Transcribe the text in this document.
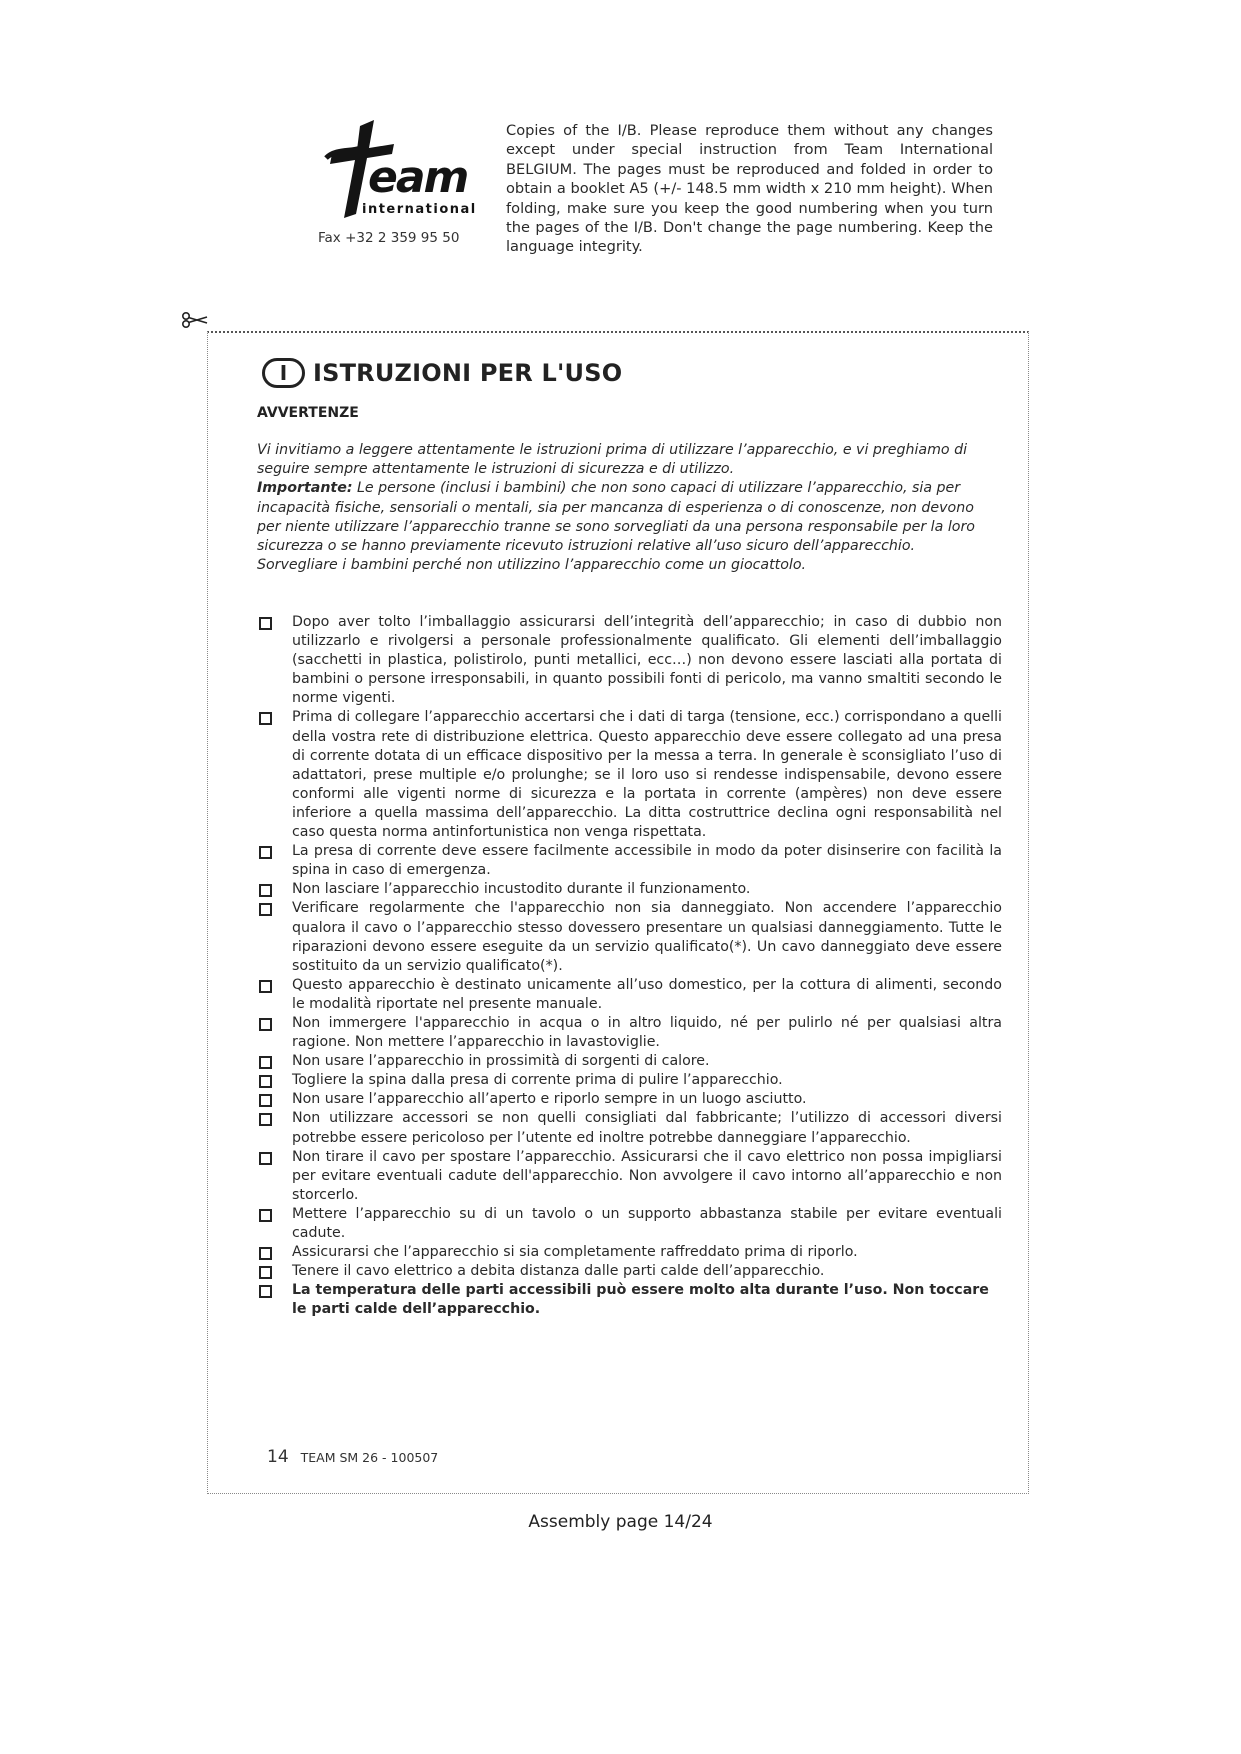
eam
international
Fax +32 2 359 95 50
Copies of the I/B. Please reproduce them without any changes except under special instruction from Team International BELGIUM. The pages must be reproduced and folded in order to obtain a booklet A5 (+/- 148.5 mm width x 210 mm height). When folding, make sure you keep the good numbering when you turn the pages of the I/B. Don't change the page numbering. Keep the language integrity.
I	ISTRUZIONI PER L'USO
AVVERTENZE

Vi invitiamo a leggere attentamente le istruzioni prima di utilizzare l’apparecchio, e vi preghiamo di seguire sempre attentamente le istruzioni di sicurezza e di utilizzo.

Importante: Le persone (inclusi i bambini) che non sono capaci di utilizzare l’apparecchio, sia per incapacità fisiche, sensoriali o mentali, sia per mancanza di esperienza o di conoscenze, non devono per niente utilizzare l’apparecchio tranne se sono sorvegliati da una persona responsabile per la loro sicurezza o se hanno previamente ricevuto istruzioni relative all’uso sicuro dell’apparecchio.

Sorvegliare i bambini perché non utilizzino l’apparecchio come un giocattolo.

Dopo aver tolto l’imballaggio assicurarsi dell’integrità dell’apparecchio; in caso di dubbio non utilizzarlo e rivolgersi a personale professionalmente qualificato. Gli elementi dell’imballaggio (sacchetti in plastica, polistirolo, punti metallici, ecc…) non devono essere lasciati alla portata di bambini o persone irresponsabili, in quanto possibili fonti di pericolo, ma vanno smaltiti secondo le norme vigenti.
Prima di collegare l’apparecchio accertarsi che i dati di targa (tensione, ecc.) corrispondano a quelli della vostra rete di distribuzione elettrica. Questo apparecchio deve essere collegato ad una presa di corrente dotata di un efficace dispositivo per la messa a terra. In generale è sconsigliato l’uso di adattatori, prese multiple e/o prolunghe; se il loro uso si rendesse indispensabile, devono essere conformi alle vigenti norme di sicurezza e la portata in corrente (ampères) non deve essere inferiore a quella massima dell’apparecchio. La ditta costruttrice declina ogni responsabilità nel caso questa norma antinfortunistica non venga rispettata.
La presa di corrente deve essere facilmente accessibile in modo da poter disinserire con facilità la spina in caso di emergenza.
Non lasciare l’apparecchio incustodito durante il funzionamento.
Verificare regolarmente che l'apparecchio non sia danneggiato. Non accendere l’apparecchio qualora il cavo o l’apparecchio stesso dovessero presentare un qualsiasi danneggiamento. Tutte le riparazioni devono essere eseguite da un servizio qualificato(*). Un cavo danneggiato deve essere sostituito da un servizio qualificato(*).
Questo apparecchio è destinato unicamente all’uso domestico, per la cottura di alimenti, secondo le modalità riportate nel presente manuale.
Non immergere l'apparecchio in acqua o in altro liquido, né per pulirlo né per qualsiasi altra ragione. Non mettere l’apparecchio in lavastoviglie.
Non usare l’apparecchio in prossimità di sorgenti di calore.
Togliere la spina dalla presa di corrente prima di pulire l’apparecchio.
Non usare l’apparecchio all’aperto e riporlo sempre in un luogo asciutto.
Non utilizzare accessori se non quelli consigliati dal fabbricante; l’utilizzo di accessori diversi potrebbe essere pericoloso per l’utente ed inoltre potrebbe danneggiare l’apparecchio.
Non tirare il cavo per spostare l’apparecchio. Assicurarsi che il cavo elettrico non possa impigliarsi per evitare eventuali cadute dell'apparecchio. Non avvolgere il cavo intorno all’apparecchio e non storcerlo.
Mettere l’apparecchio su di un tavolo o un supporto abbastanza stabile per evitare eventuali cadute.
Assicurarsi che l’apparecchio si sia completamente raffreddato prima di riporlo.
Tenere il cavo elettrico a debita distanza dalle parti calde dell’apparecchio.
La temperatura delle parti accessibili può essere molto alta durante l’uso. Non toccare le parti calde dell’apparecchio.
14 TEAM SM 26 - 100507
Assembly page 14/24
